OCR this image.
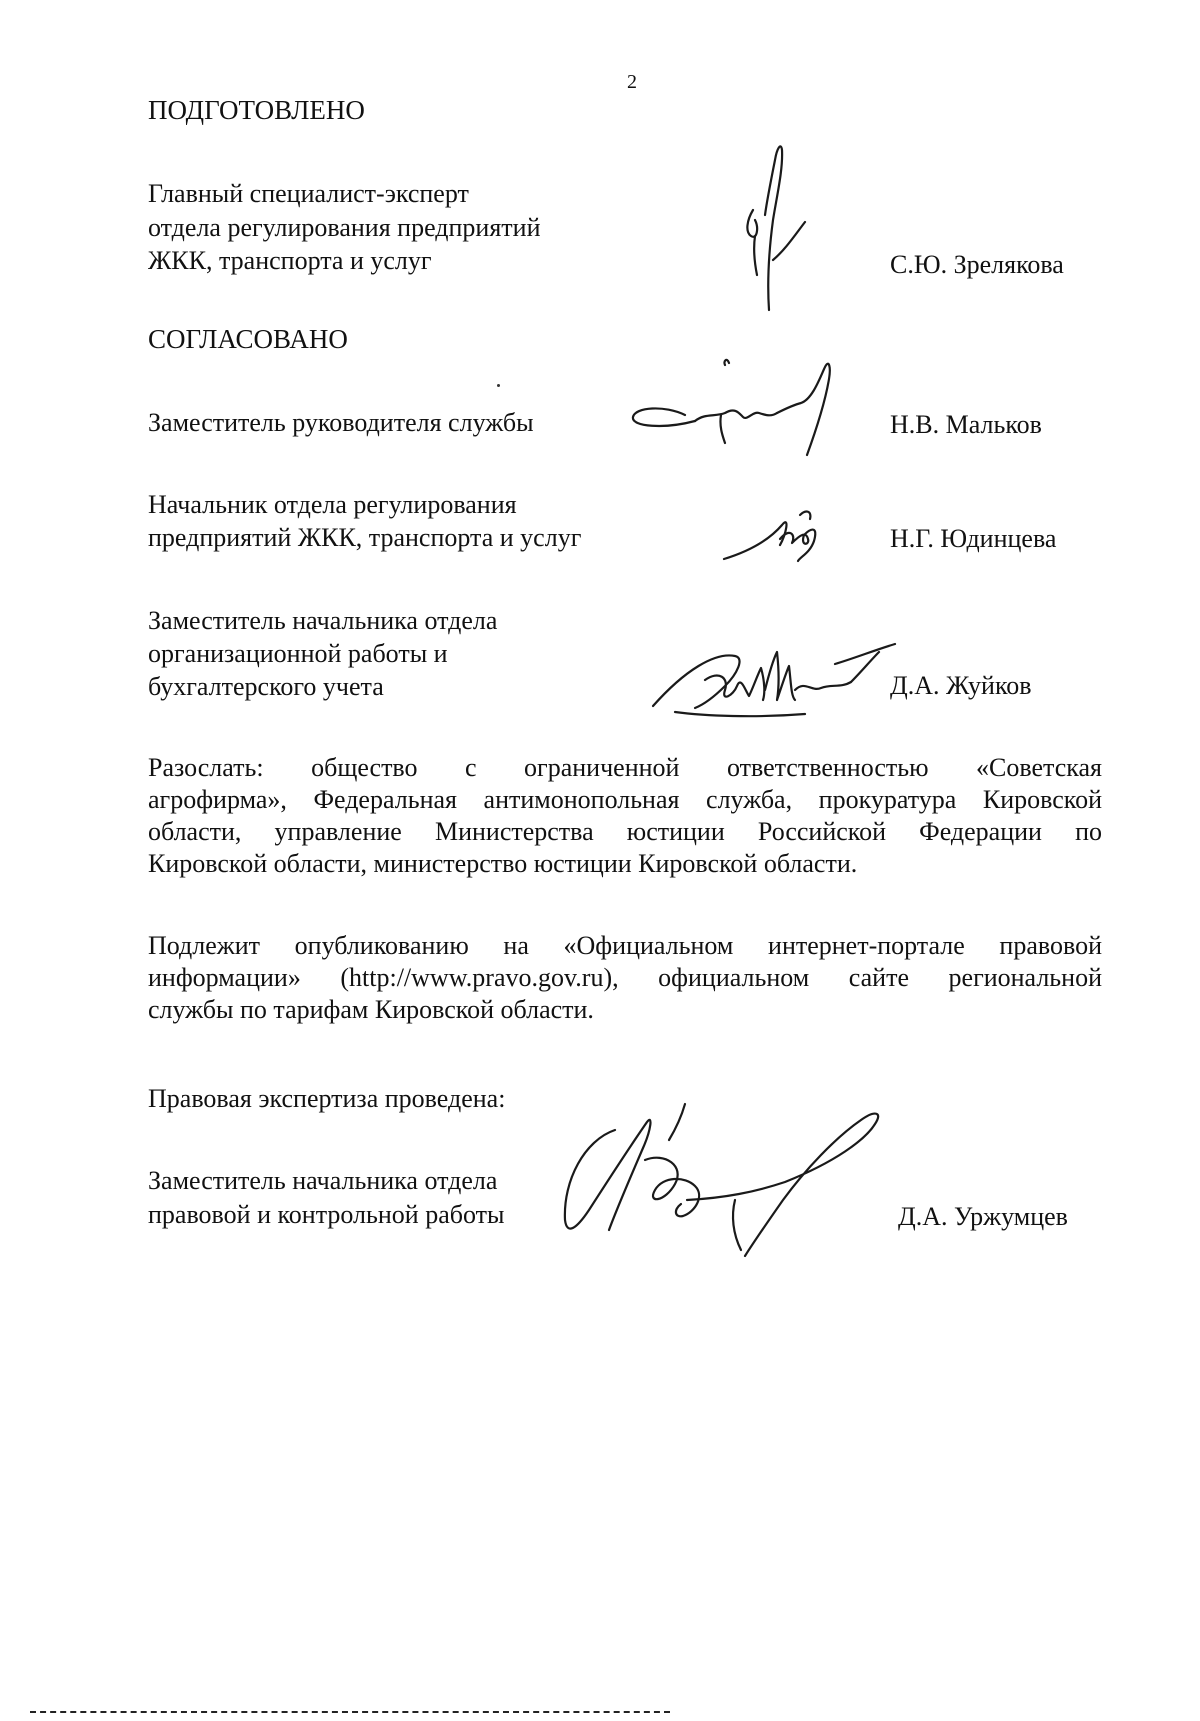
2
ПОДГОТОВЛЕНО
Главный специалист-эксперт
отдела регулирования предприятий
ЖКК, транспорта и услуг	С.Ю. Зрелякова
СОГЛАСОВАНО
Заместитель руководителя службы	Н.В. Мальков
Начальник отдела регулирования
предприятий ЖКК, транспорта и услуг	Н.Г. Юдинцева
Заместитель начальника отдела
организационной работы и
бухгалтерского учета	Д.А. Жуйков

Разослать: общество с ограниченной ответственностью «Советская
агрофирма», Федеральная антимонопольная служба, прокуратура Кировской
области, управление Министерства юстиции Российской Федерации по
Кировской области, министерство юстиции Кировской области.

Подлежит опубликованию на «Официальном интернет-портале правовой
информации» (http://www.pravo.gov.ru), официальном сайте региональной
службы по тарифам Кировской области.

Правовая экспертиза проведена:
Заместитель начальника отдела
правовой и контрольной работы	Д.А. Уржумцев
